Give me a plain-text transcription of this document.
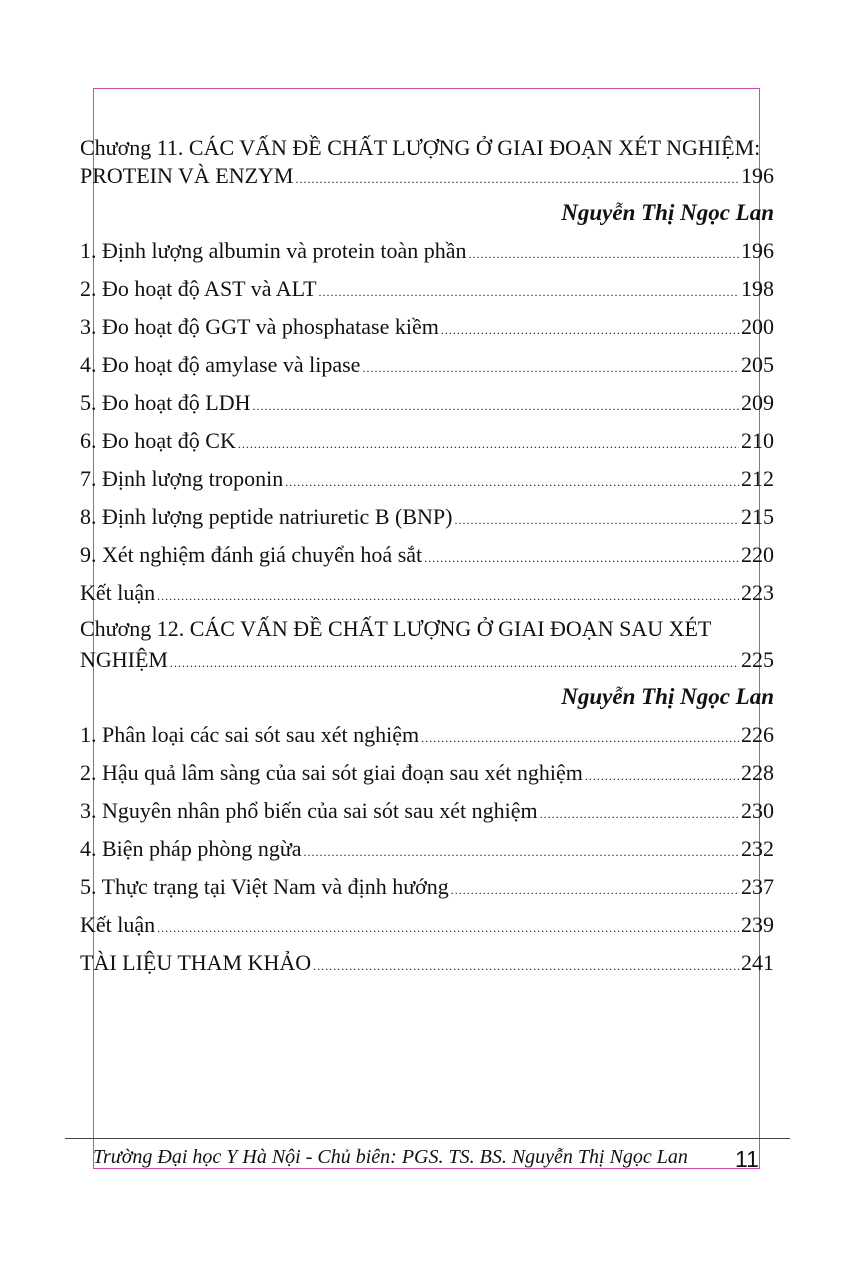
Chương 11. CÁC VẤN ĐỀ CHẤT LƯỢNG Ở GIAI ĐOẠN XÉT NGHIỆM:
PROTEIN VÀ ENZYM .....	196
Nguyễn Thị Ngọc Lan
1. Định lượng albumin và protein toàn phần .....	196
2. Đo hoạt độ AST và ALT .....	198
3. Đo hoạt độ GGT và phosphatase kiềm .....	200
4. Đo hoạt độ amylase và lipase .....	205
5. Đo hoạt độ LDH .....	209
6. Đo hoạt độ CK .....	210
7. Định lượng troponin .....	212
8. Định lượng peptide natriuretic B (BNP) .....	215
9. Xét nghiệm đánh giá chuyển hoá sắt .....	220
Kết luận .....	223
Chương 12. CÁC VẤN ĐỀ CHẤT LƯỢNG Ở GIAI ĐOẠN SAU XÉT
NGHIỆM .....	225
Nguyễn Thị Ngọc Lan
1. Phân loại các sai sót sau xét nghiệm .....	226
2. Hậu quả lâm sàng của sai sót giai đoạn sau xét nghiệm .....	228
3. Nguyên nhân phổ biến của sai sót sau xét nghiệm .....	230
4. Biện pháp phòng ngừa .....	232
5. Thực trạng tại Việt Nam và định hướng .....	237
Kết luận .....	239
TÀI LIỆU THAM KHẢO .....	241
Trường Đại học Y Hà Nội - Chủ biên: PGS. TS. BS. Nguyễn Thị Ngọc Lan 11
